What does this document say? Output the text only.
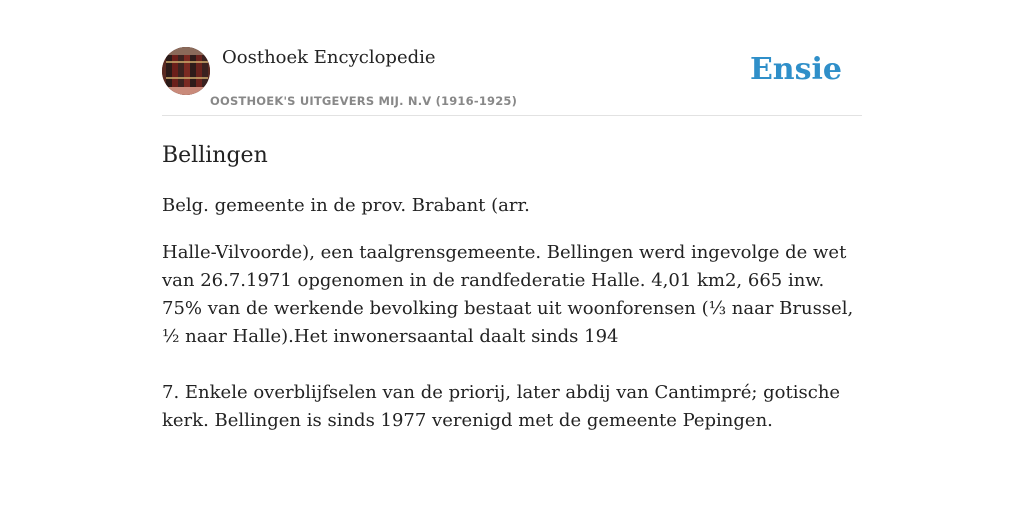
Oosthoek Encyclopedie
OOSTHOEK'S UITGEVERS MIJ. N.V (1916-1925)
Ensie
Bellingen

Belg. gemeente in de prov. Brabant (arr.

Halle-Vilvoorde), een taalgrensgemeente. Bellingen werd ingevolge de wet van 26.7.1971 opgenomen in de randfederatie Halle. 4,01 km2, 665 inw. 75% van de werkende bevolking bestaat uit woonforensen (⅓ naar Brussel, ½ naar Halle).Het inwonersaantal daalt sinds 194

7. Enkele overblijfselen van de priorij, later abdij van Cantimpré; gotische kerk. Bellingen is sinds 1977 verenigd met de gemeente Pepingen.
